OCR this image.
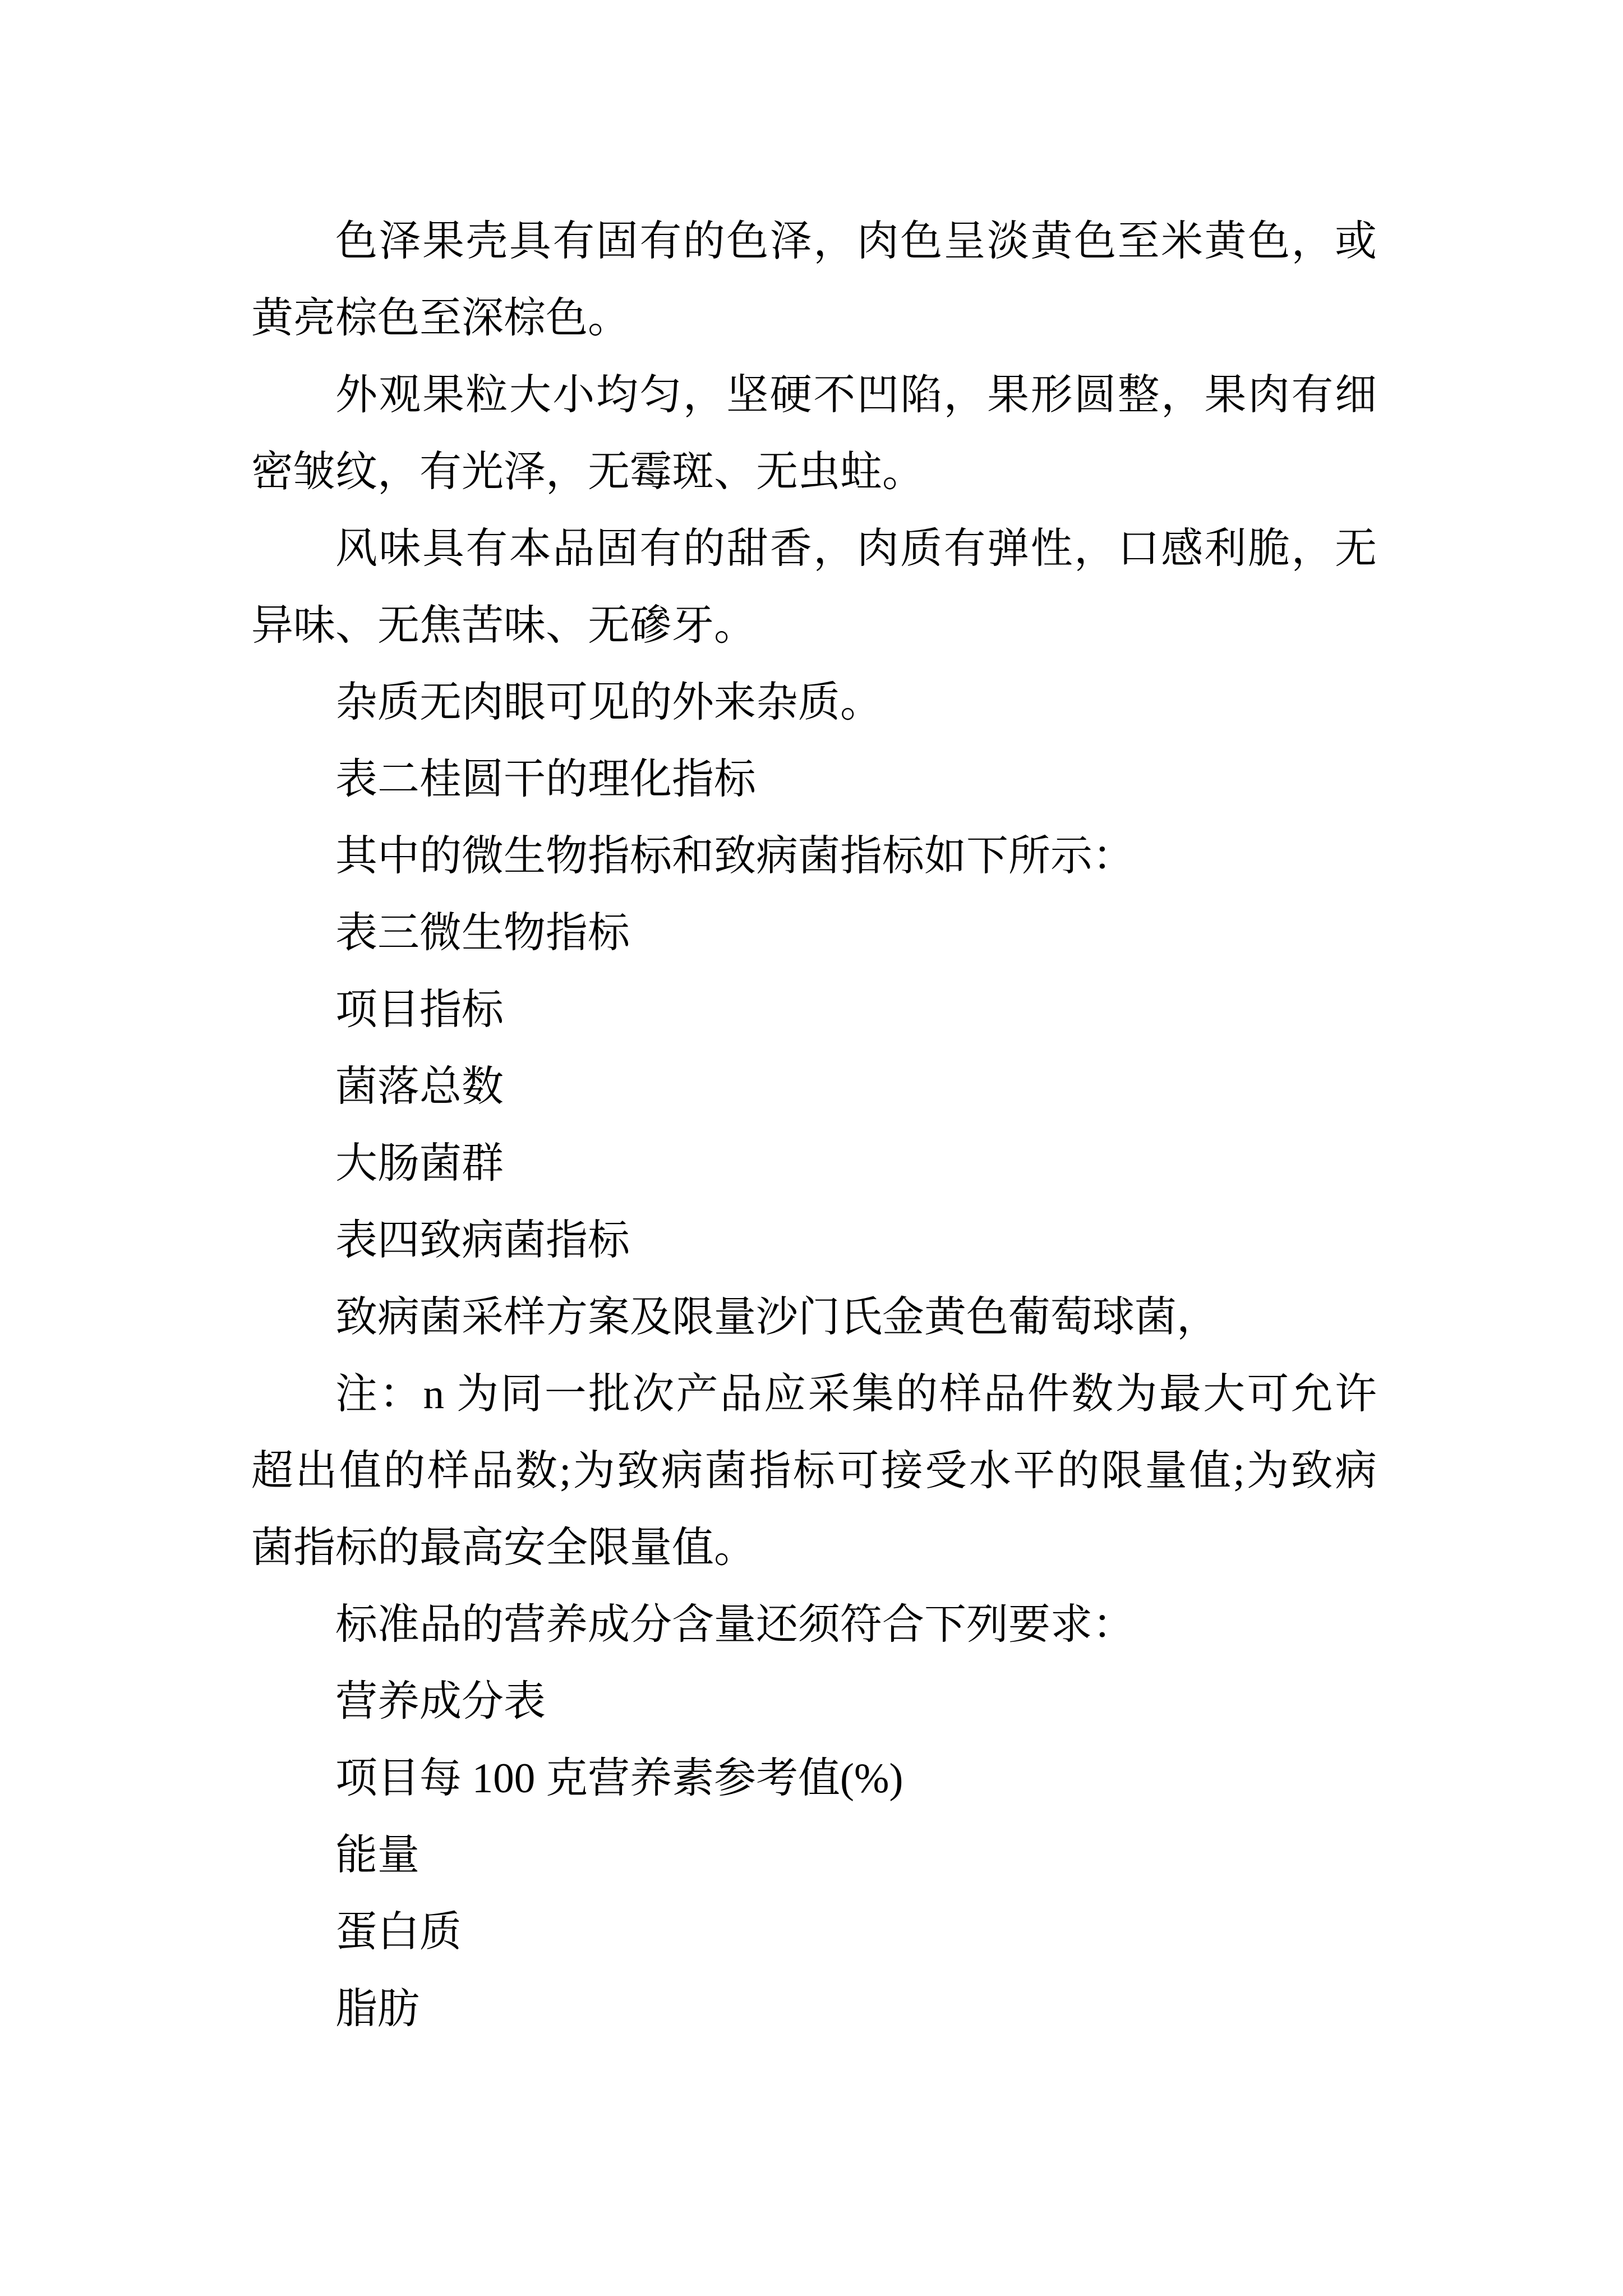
色泽果壳具有固有的色泽，肉色呈淡黄色至米黄色，或
黄亮棕色至深棕色。
外观果粒大小均匀，坚硬不凹陷，果形圆整，果肉有细
密皱纹，有光泽，无霉斑、无虫蛀。
风味具有本品固有的甜香，肉质有弹性，口感利脆，无
异味、无焦苦味、无磣牙。
杂质无肉眼可见的外来杂质。
表二桂圆干的理化指标
其中的微生物指标和致病菌指标如下所示：
表三微生物指标
项目指标
菌落总数
大肠菌群
表四致病菌指标
致病菌采样方案及限量沙门氏金黄色葡萄球菌，
注：n 为同一批次产品应采集的样品件数为最大可允许
超出值的样品数;为致病菌指标可接受水平的限量值;为致病
菌指标的最高安全限量值。
标准品的营养成分含量还须符合下列要求：
营养成分表
项目每 100 克营养素参考值(%)
能量
蛋白质
脂肪
